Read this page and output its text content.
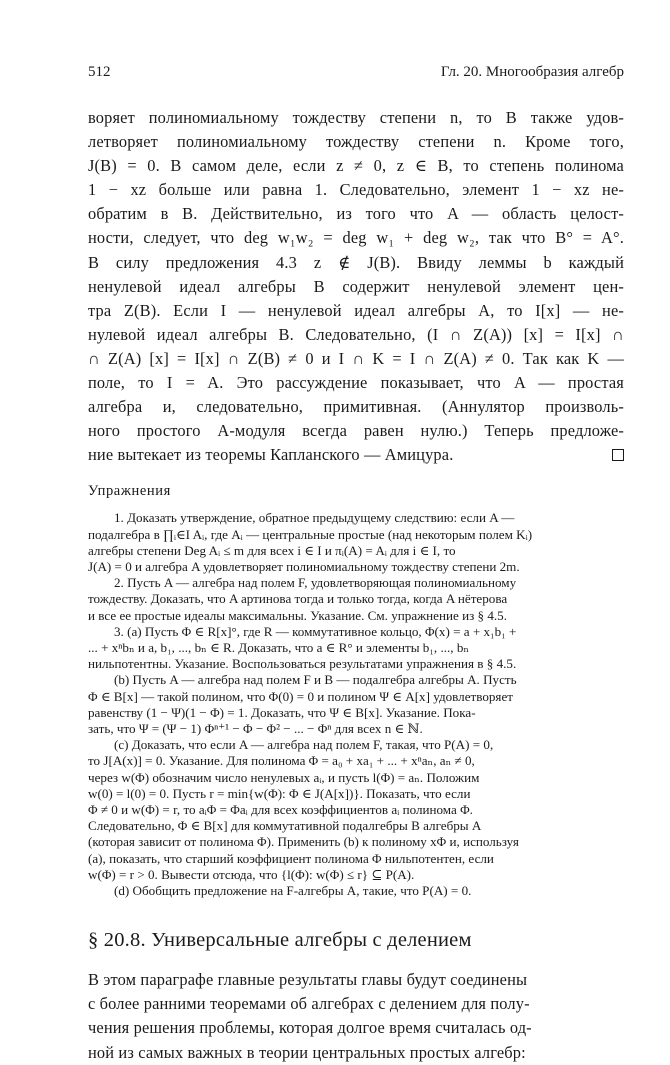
512	Гл. 20. Многообразия алгебр
воряет полиномиальному тождеству степени n, то B также удов-
летворяет полиномиальному тождеству степени n. Кроме того,
J(B) = 0. В самом деле, если z ≠ 0, z ∈ B, то степень полинома
1 − xz больше или равна 1. Следовательно, элемент 1 − xz не-
обратим в B. Действительно, из того что A — область целост-
ности, следует, что deg w₁w₂ = deg w₁ + deg w₂, так что B° = A°.
В силу предложения 4.3 z ∉ J(B). Ввиду леммы b каждый
ненулевой идеал алгебры B содержит ненулевой элемент цен-
тра Z(B). Если I — ненулевой идеал алгебры A, то I[x] — не-
нулевой идеал алгебры B. Следовательно, (I ∩ Z(A)) [x] = I[x] ∩
∩ Z(A) [x] = I[x] ∩ Z(B) ≠ 0 и I ∩ K = I ∩ Z(A) ≠ 0. Так как K —
поле, то I = A. Это рассуждение показывает, что A — простая
алгебра и, следовательно, примитивная. (Аннулятор произволь-
ного простого A-модуля всегда равен нулю.) Теперь предложе-
ние вытекает из теоремы Капланского — Амицура.
Упражнения
1. Доказать утверждение, обратное предыдущему следствию: если A —
подалгебра в ∏ᵢ∈I Aᵢ, где Aᵢ — центральные простые (над некоторым полем Kᵢ)
алгебры степени Deg Aᵢ ≤ m для всех i ∈ I и πᵢ(A) = Aᵢ для i ∈ I, то
J(A) = 0 и алгебра A удовлетворяет полиномиальному тождеству степени 2m.
2. Пусть A — алгебра над полем F, удовлетворяющая полиномиальному
тождеству. Доказать, что A артинова тогда и только тогда, когда A нётерова
и все ее простые идеалы максимальны. Указание. См. упражнение из § 4.5.
3. (a) Пусть Φ ∈ R[x]°, где R — коммутативное кольцо, Φ(x) = a + x₁b₁ +
... + xⁿbₙ и a, b₁, ..., bₙ ∈ R. Доказать, что a ∈ R° и элементы b₁, ..., bₙ
нильпотентны. Указание. Воспользоваться результатами упражнения в § 4.5.
(b) Пусть A — алгебра над полем F и B — подалгебра алгебры A. Пусть
Φ ∈ B[x] — такой полином, что Φ(0) = 0 и полином Ψ ∈ A[x] удовлетворяет
равенству (1 − Ψ)(1 − Φ) = 1. Доказать, что Ψ ∈ B[x]. Указание. Пока-
зать, что Ψ = (Ψ − 1) Φⁿ⁺¹ − Φ − Φ² − ... − Φⁿ для всех n ∈ ℕ.
(c) Доказать, что если A — алгебра над полем F, такая, что P(A) = 0,
то J[A(x)] = 0. Указание. Для полинома Φ = a₀ + xa₁ + ... + xⁿaₙ, aₙ ≠ 0,
через w(Φ) обозначим число ненулевых aᵢ, и пусть l(Φ) = aₙ. Положим
w(0) = l(0) = 0. Пусть r = min{w(Φ): Φ ∈ J(A[x])}. Показать, что если
Φ ≠ 0 и w(Φ) = r, то aᵢΦ = Φaᵢ для всех коэффициентов aᵢ полинома Φ.
Следовательно, Φ ∈ B[x] для коммутативной подалгебры B алгебры A
(которая зависит от полинома Φ). Применить (b) к полиному xΦ и, используя
(a), показать, что старший коэффициент полинома Φ нильпотентен, если
w(Φ) = r > 0. Вывести отсюда, что {l(Φ): w(Φ) ≤ r} ⊆ P(A).
(d) Обобщить предложение на F-алгебры A, такие, что P(A) = 0.
§ 20.8. Универсальные алгебры с делением
В этом параграфе главные результаты главы будут соединены
с более ранними теоремами об алгебрах с делением для полу-
чения решения проблемы, которая долгое время считалась од-
ной из самых важных в теории центральных простых алгебр:
